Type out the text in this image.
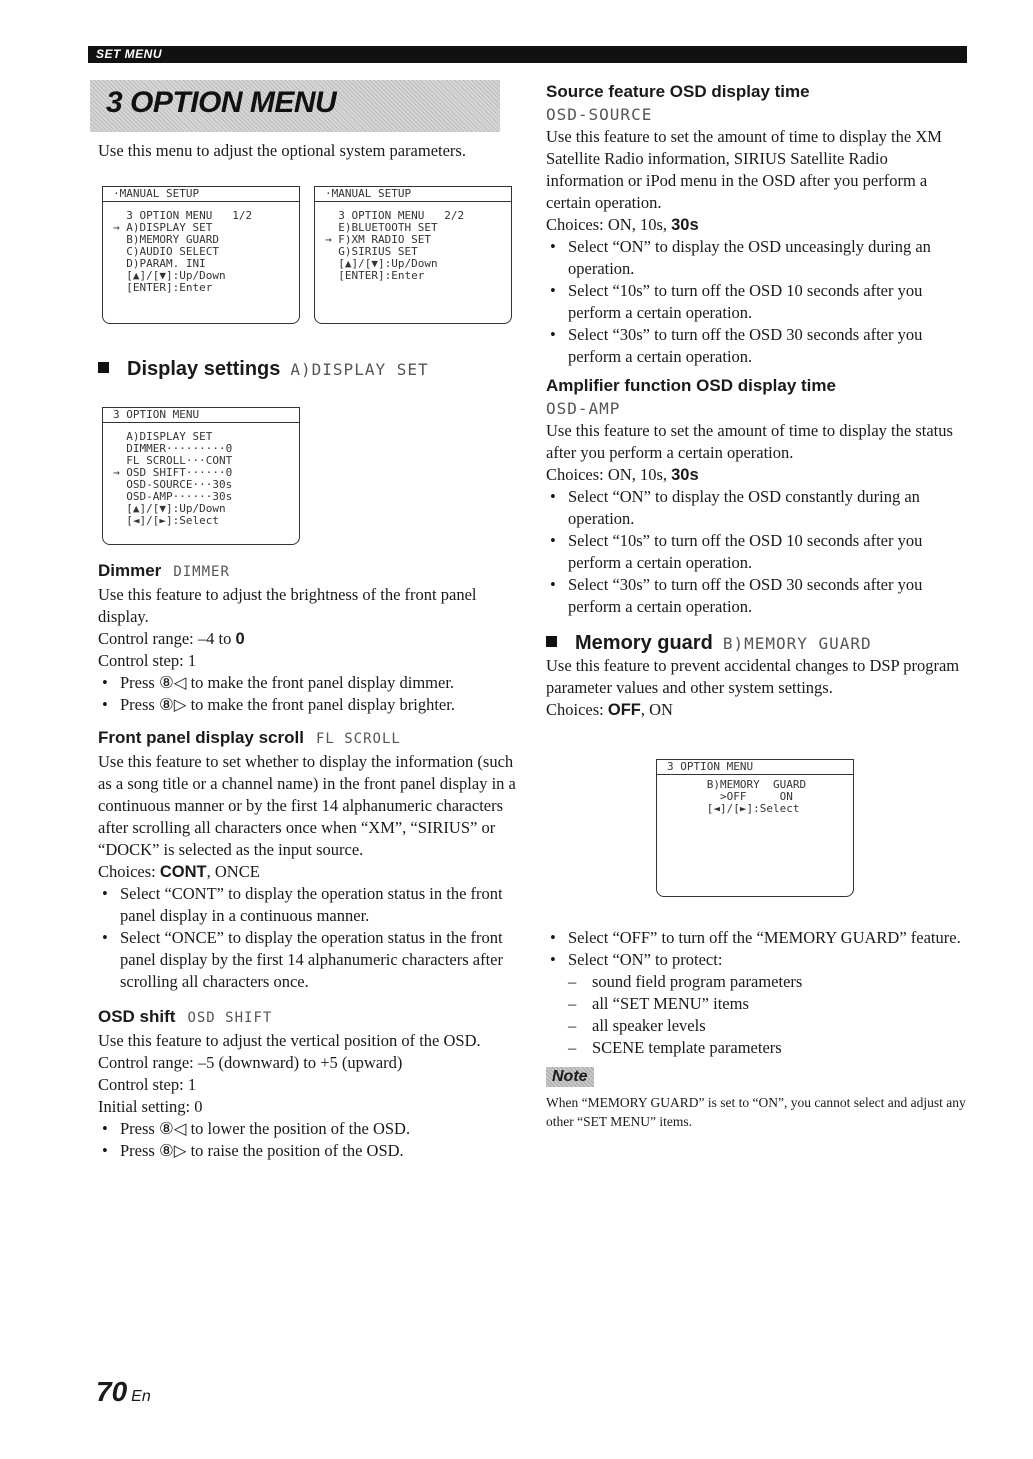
SET MENU
3 OPTION MENU

Use this menu to adjust the optional system parameters.

·MANUAL SETUP
3 OPTION MENU   1/2
→ A)DISPLAY SET
B)MEMORY GUARD
C)AUDIO SELECT
D)PARAM. INI
[▲]/[▼]:Up/Down
[ENTER]:Enter
·MANUAL SETUP
3 OPTION MENU   2/2
E)BLUETOOTH SET
→ F)XM RADIO SET
G)SIRIUS SET
[▲]/[▼]:Up/Down
[ENTER]:Enter
Display settings A)DISPLAY SET
3 OPTION MENU
A)DISPLAY SET
DIMMER·········0
FL SCROLL···CONT
→ OSD SHIFT······0
OSD-SOURCE···30s
OSD-AMP······30s
[▲]/[▼]:Up/Down
[◄]/[►]:Select
Dimmer DIMMER

Use this feature to adjust the brightness of the front panel display.

Control range: –4 to 0

Control step: 1

• Press ⑧◁ to make the front panel display dimmer.
• Press ⑧▷ to make the front panel display brighter.
Front panel display scroll FL SCROLL

Use this feature to set whether to display the information (such as a song title or a channel name) in the front panel display in a continuous manner or by the first 14 alphanumeric characters after scrolling all characters once when “XM”, “SIRIUS” or “DOCK” is selected as the input source.

Choices: CONT, ONCE

• Select “CONT” to display the operation status in the front panel display in a continuous manner.
• Select “ONCE” to display the operation status in the front panel display by the first 14 alphanumeric characters after scrolling all characters once.
OSD shift OSD SHIFT

Use this feature to adjust the vertical position of the OSD.

Control range: –5 (downward) to +5 (upward)

Control step: 1

Initial setting: 0

• Press ⑧◁ to lower the position of the OSD.
• Press ⑧▷ to raise the position of the OSD.
Source feature OSD display time
OSD-SOURCE

Use this feature to set the amount of time to display the XM Satellite Radio information, SIRIUS Satellite Radio information or iPod menu in the OSD after you perform a certain operation.

Choices: ON, 10s, 30s

• Select “ON” to display the OSD unceasingly during an operation.
• Select “10s” to turn off the OSD 10 seconds after you perform a certain operation.
• Select “30s” to turn off the OSD 30 seconds after you perform a certain operation.
Amplifier function OSD display time
OSD-AMP

Use this feature to set the amount of time to display the status after you perform a certain operation.

Choices: ON, 10s, 30s

• Select “ON” to display the OSD constantly during an operation.
• Select “10s” to turn off the OSD 10 seconds after you perform a certain operation.
• Select “30s” to turn off the OSD 30 seconds after you perform a certain operation.
Memory guard B)MEMORY GUARD

Use this feature to prevent accidental changes to DSP program parameter values and other system settings.

Choices: OFF, ON

3 OPTION MENU
B)MEMORY  GUARD
>OFF     ON
[◄]/[►]:Select
• Select “OFF” to turn off the “MEMORY GUARD” feature.
• Select “ON” to protect:
– sound field program parameters
– all “SET MENU” items
– all speaker levels
– SCENE template parameters
Note

When “MEMORY GUARD” is set to “ON”, you cannot select and adjust any other “SET MENU” items.

70 En
